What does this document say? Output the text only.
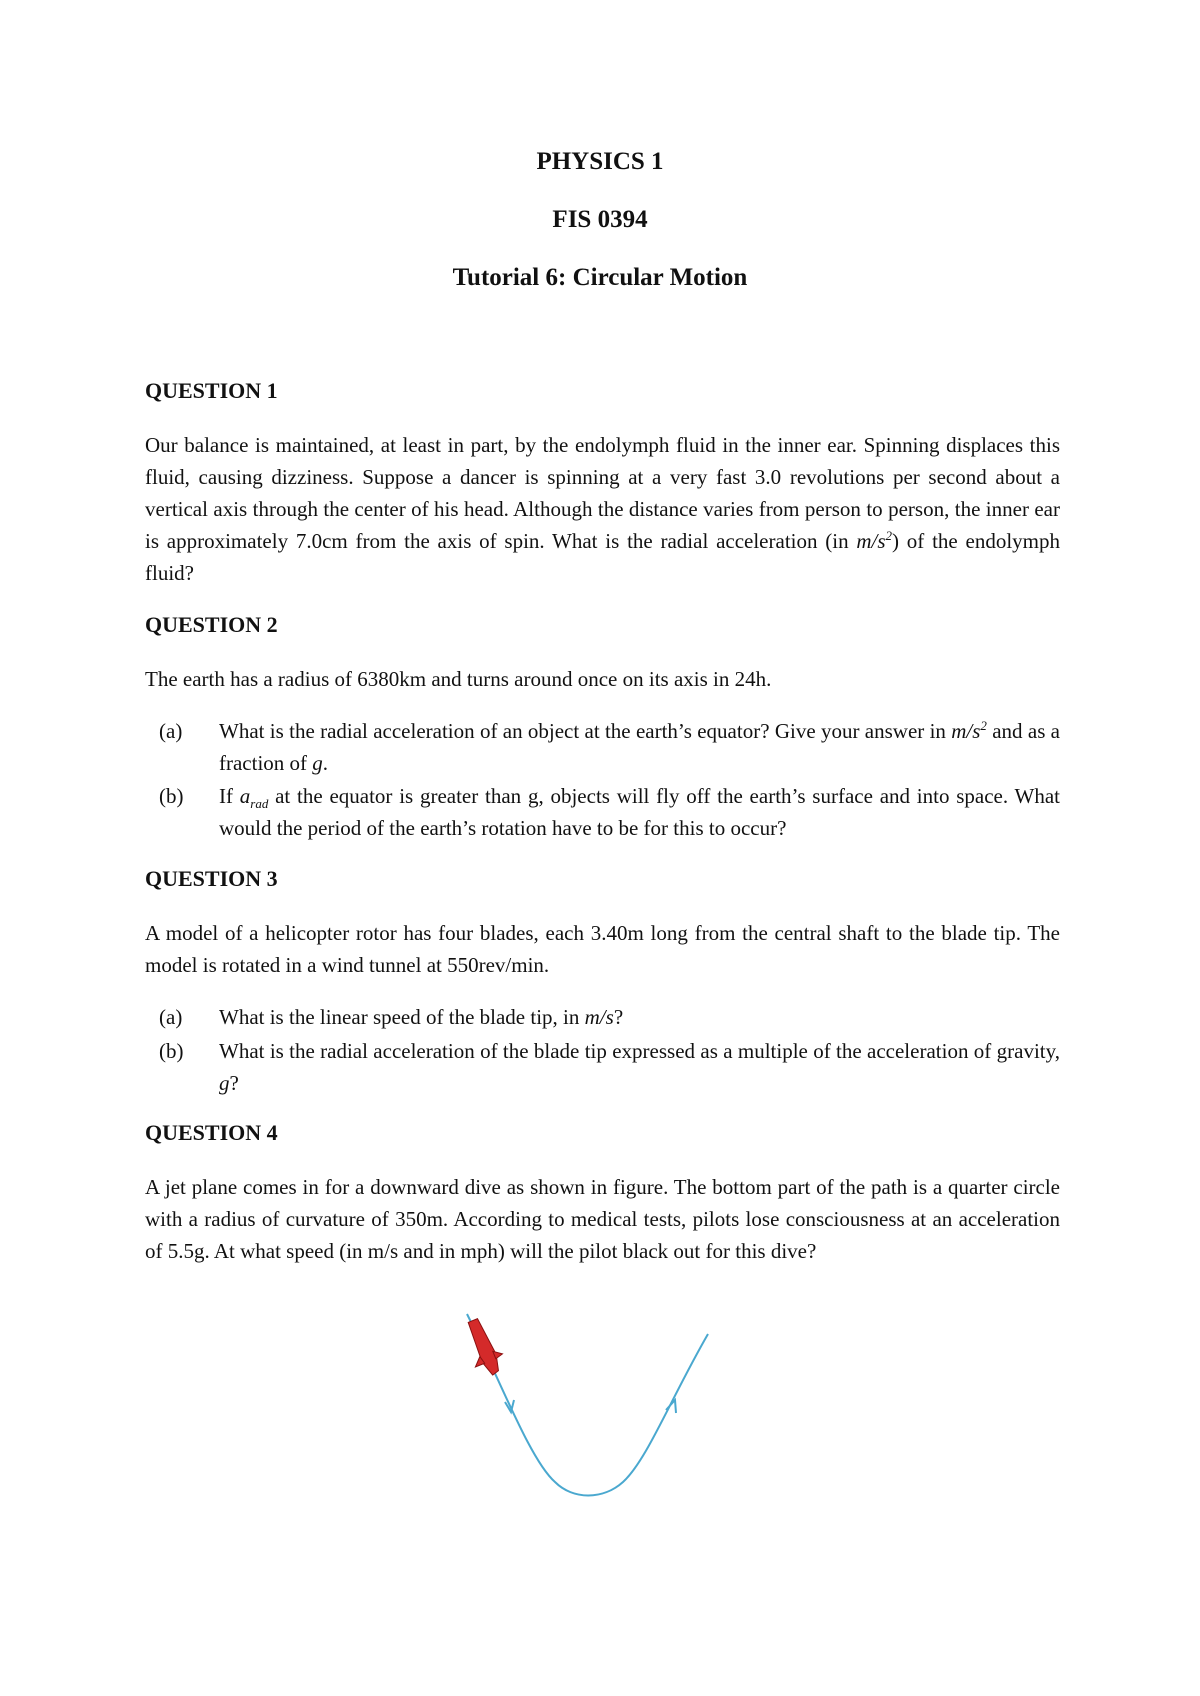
PHYSICS 1
FIS 0394
Tutorial 6: Circular Motion
QUESTION 1
Our balance is maintained, at least in part, by the endolymph fluid in the inner ear. Spinning displaces this fluid, causing dizziness. Suppose a dancer is spinning at a very fast 3.0 revolutions per second about a vertical axis through the center of his head. Although the distance varies from person to person, the inner ear is approximately 7.0cm from the axis of spin. What is the radial acceleration (in $m/s^2$) of the endolymph fluid?
QUESTION 2
The earth has a radius of 6380km and turns around once on its axis in 24h.
(a) What is the radial acceleration of an object at the earth’s equator? Give your answer in $m/s^2$ and as a fraction of g.
(b) If $a_{rad}$ at the equator is greater than g, objects will fly off the earth’s surface and into space. What would the period of the earth’s rotation have to be for this to occur?
QUESTION 3
A model of a helicopter rotor has four blades, each 3.40m long from the central shaft to the blade tip. The model is rotated in a wind tunnel at 550rev/min.
(a) What is the linear speed of the blade tip, in m/s?
(b) What is the radial acceleration of the blade tip expressed as a multiple of the acceleration of gravity, g?
QUESTION 4
A jet plane comes in for a downward dive as shown in figure. The bottom part of the path is a quarter circle with a radius of curvature of 350m. According to medical tests, pilots lose consciousness at an acceleration of 5.5g. At what speed (in m/s and in mph) will the pilot black out for this dive?
